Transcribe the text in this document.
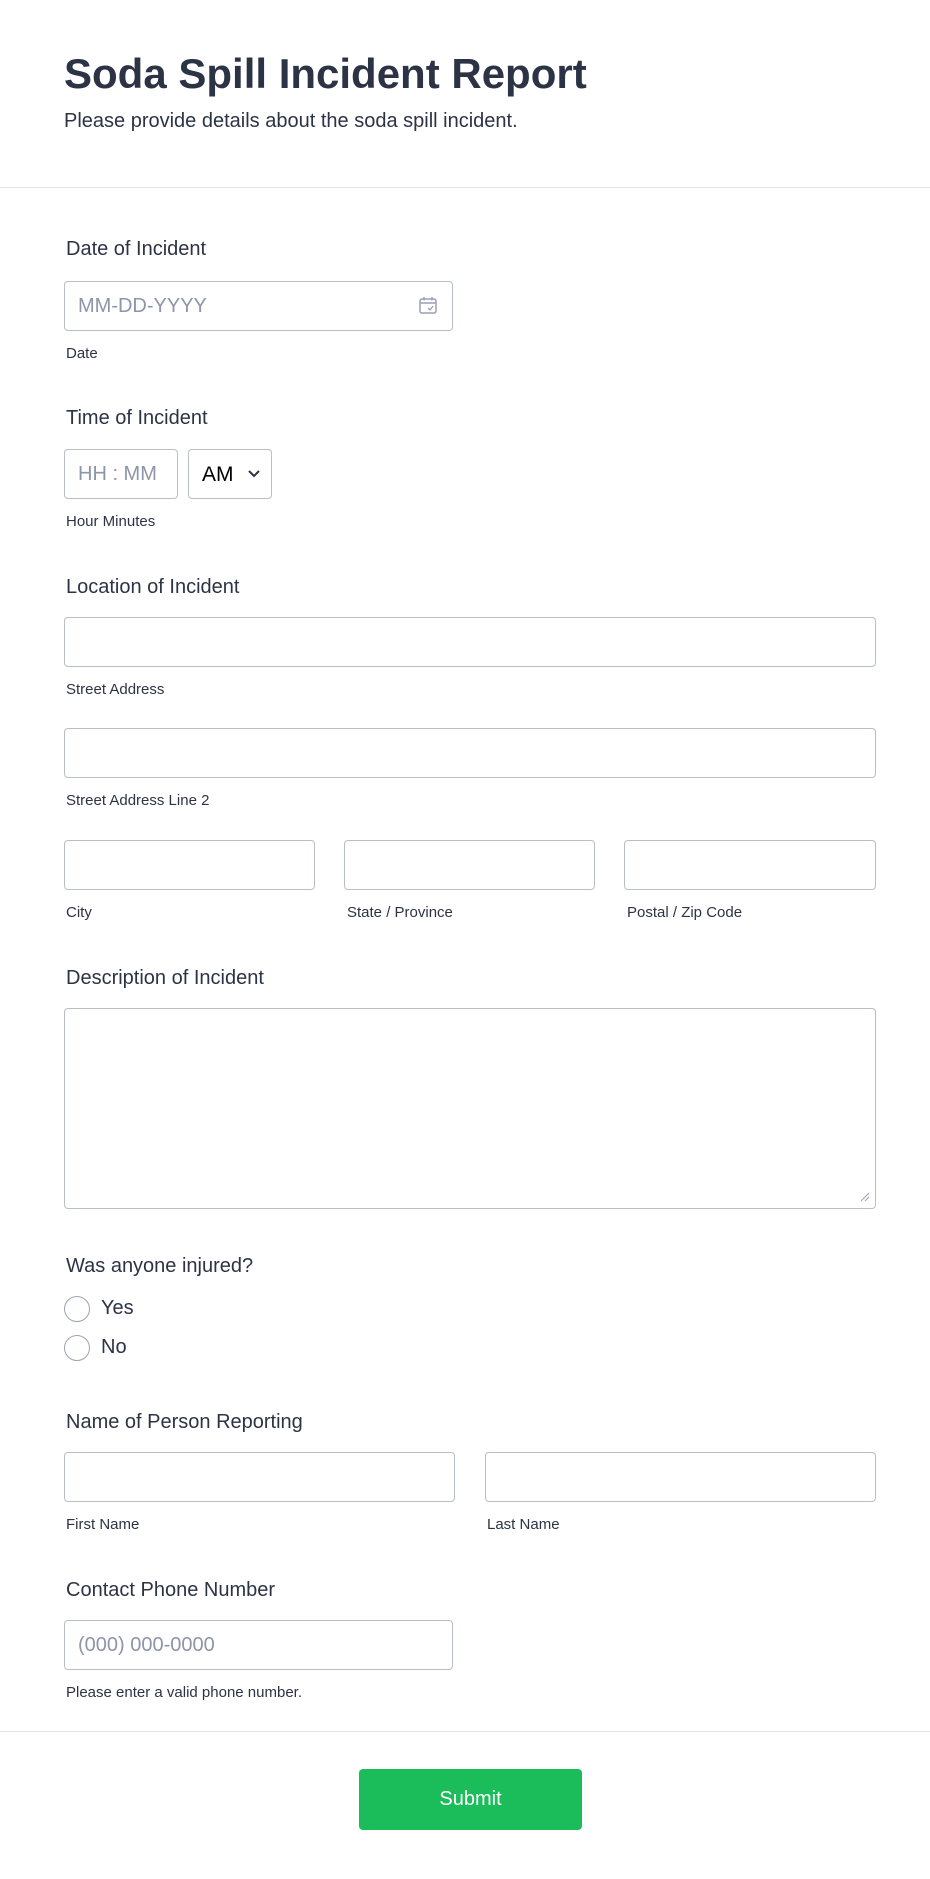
Soda Spill Incident Report

Please provide details about the soda spill incident.

Date of Incident
MM-DD-YYYY
Date
Time of Incident
HH : MM
AM
Hour Minutes
Location of Incident
Street Address
Street Address Line 2
City	State / Province	Postal / Zip Code
Description of Incident
Was anyone injured?
Yes
No
Name of Person Reporting
First Name	Last Name
Contact Phone Number
(000) 000-0000
Please enter a valid phone number.
Submit
